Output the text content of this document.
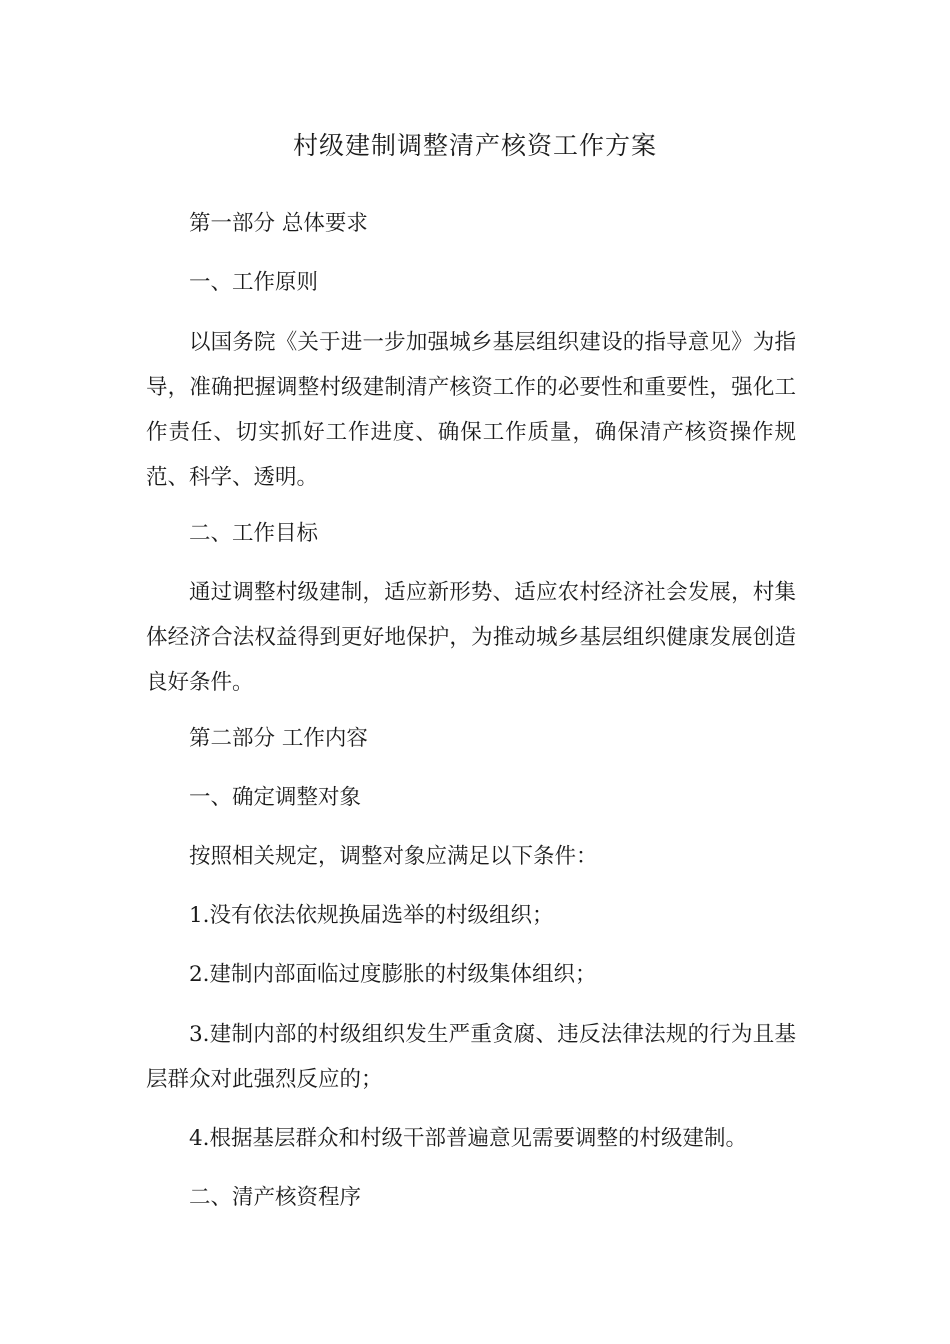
村级建制调整清产核资工作方案

第一部分 总体要求

一、工作原则

以国务院《关于进一步加强城乡基层组织建设的指导意见》为指导，准确把握调整村级建制清产核资工作的必要性和重要性，强化工作责任、切实抓好工作进度、确保工作质量，确保清产核资操作规范、科学、透明。

二、工作目标

通过调整村级建制，适应新形势、适应农村经济社会发展，村集体经济合法权益得到更好地保护，为推动城乡基层组织健康发展创造良好条件。

第二部分 工作内容

一、确定调整对象

按照相关规定，调整对象应满足以下条件：

1.没有依法依规换届选举的村级组织；

2.建制内部面临过度膨胀的村级集体组织；

3.建制内部的村级组织发生严重贪腐、违反法律法规的行为且基层群众对此强烈反应的；

4.根据基层群众和村级干部普遍意见需要调整的村级建制。

二、清产核资程序
